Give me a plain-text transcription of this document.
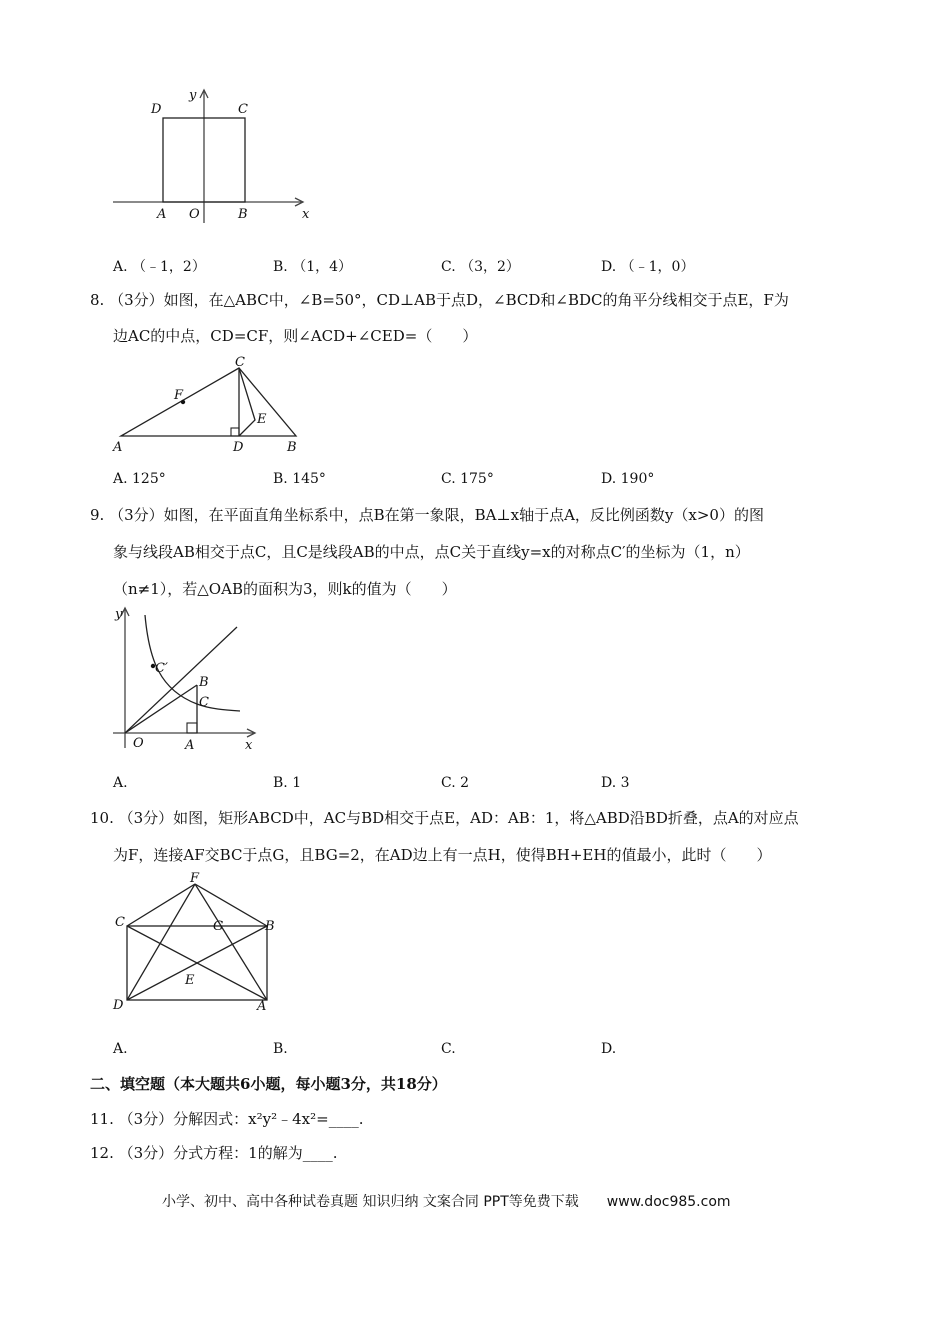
y
D	C
A O	B	x
A. （﹣1，2）	B. （1，4）	C. （3，2）	D. （﹣1，0）
8. （3分）如图，在△ABC中，∠B=50°，CD⊥AB于点D，∠BCD和∠BDC的角平分线相交于点E，F为
边AC的中点，CD=CF，则∠ACD+∠CED=（　　）
C
F
E
A	D	B
A. 125°	B. 145°	C. 175°	D. 190°
9. （3分）如图，在平面直角坐标系中，点B在第一象限，BA⊥x轴于点A，反比例函数y（x>0）的图
象与线段AB相交于点C，且C是线段AB的中点，点C关于直线y=x的对称点C′的坐标为（1，n）
（n≠1），若△OAB的面积为3，则k的值为（　　）
y
C′
B
C
O	A	x
A.	B. 1	C. 2	D. 3
10. （3分）如图，矩形ABCD中，AC与BD相交于点E，AD：AB：1，将△ABD沿BD折叠，点A的对应点
为F，连接AF交BC于点G，且BG=2，在AD边上有一点H，使得BH+EH的值最小，此时（　　）
F
C	G	B
E
D	A
A.	B.	C.	D.
二、填空题（本大题共6小题，每小题3分，共18分）
11. （3分）分解因式：x²y²﹣4x²=____.
12. （3分）分式方程：1的解为____.
小学、初中、高中各种试卷真题 知识归纳 文案合同 PPT等免费下载　　www.doc985.com
